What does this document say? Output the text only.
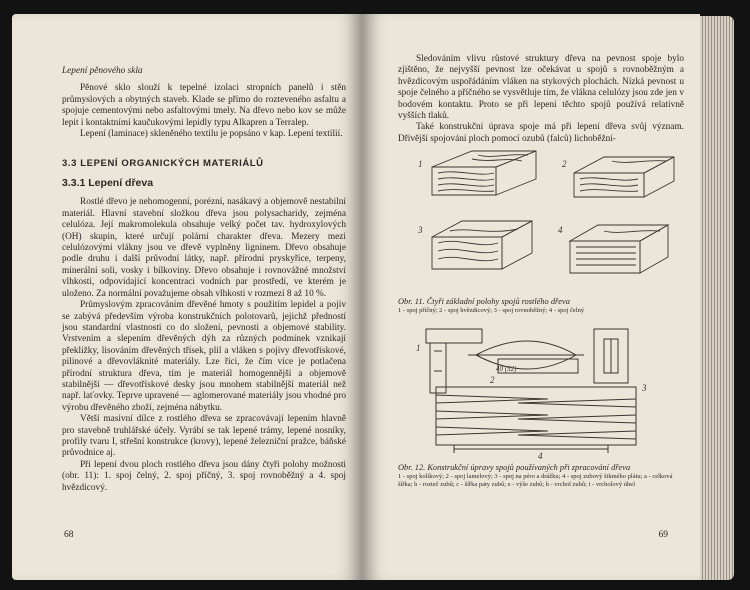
Lepení pěnového skla

Pěnové sklo slouží k tepelné izolaci stropních panelů i stěn průmyslových a obytných staveb. Klade se přímo do rozteveného asfaltu a spojuje cementovými nebo asfaltovými tmely. Na dřevo nebo kov se může lepit i kontaktními kaučukovými lepidly typu Alkapren a Terralep.

Lepení (laminace) skleněného textilu je popsáno v kap. Lepení textilií.

3.3 LEPENÍ ORGANICKÝCH MATERIÁLŮ
3.3.1 Lepení dřeva

Rostlé dřevo je nehomogenní, porézní, nasákavý a objemově nestabilní materiál. Hlavní stavební složkou dřeva jsou polysacharidy, zejména celulóza. Její makromolekula obsahuje velký počet tav. hydroxylových (OH) skupin, které určují polární charakter dřeva. Mezery mezi celulózovými vlákny jsou ve dřevě vyplněny ligninem. Dřevo obsahuje podle druhu i další průvodní látky, např. přírodní pryskyřice, terpeny, minerální soli, vosky i bílkoviny. Dřevo obsahuje i rovnovážné množství vlhkosti, odpovídající koncentraci vodních par prostředí, ve kterém je uloženo. Za normální považujeme obsah vlhkosti v rozmezí 8 až 10 %.

Průmyslovým zpracováním dřevěné hmoty s použitím lepidel a pojiv se zabývá především výroba konstrukčních polotovarů, jejichž předností jsou standardní vlastnosti co do složení, pevnosti a objemové stability. Vrstvením a slepením dřevěných dýh za různých podmínek vznikají překližky, lisováním dřevěných třísek, plil a vláken s pojivy dřevotřískové, pilinové a dřevovláknité materiály. Lze říci, že čím více je potlačena přírodní struktura dřeva, tím je materiál homogennější a objemově stabilnější — dřevotřískové desky jsou mnohem stabilnější materiál než např. laťovky. Teprve upravené — aglomerované materiály jsou vhodné pro výrobu dřevěného zboží, zejména nábytku.

Větší masivní dílce z rostlého dřeva se zpracovávají lepením hlavně pro stavebně truhlářské účely. Vyrábí se tak lepené trámy, lepené nosníky, profily tvaru I, střešní konstrukce (krovy), lepené železniční pražce, báňské průvodnice aj.

Při lepení dvou ploch rostlého dřeva jsou dány čtyři polohy možnosti (obr. 11): 1. spoj čelný, 2. spoj příčný, 3. spoj rovnoběžný a 4. spoj hvězdicový.

68

Sledováním vlivu růstové struktury dřeva na pevnost spoje bylo zjištěno, že nejvyšší pevnost lze očekávat u spojů s rovnoběžným a hvězdicovým uspořádáním vláken na stykových plochách. Nízká pevnost u spoje čelného a příčného se vysvětluje tím, že vlákna celulózy jsou zde jen v bodovém kontaktu. Proto se při lepení těchto spojů používá relativně vyšších tlaků.

Také konstrukční úprava spoje má při lepení dřeva svůj význam. Dřívější spojování ploch pomocí ozubů (falců) lichoběžní-

1	2
3	4

Obr. 11. Čtyři základní polohy spojů rostlého dřeva
1 - spoj příčný; 2 - spoj hvězdicový; 3 - spoj rovnoběžný; 4 - spoj čelný

40 (52)
1
2
3
4

Obr. 12. Konstrukční úpravy spojů používaných při zpracování dřeva
1 - spoj kolíkový; 2 - spoj lamelový; 3 - spoj na péro a drážku; 4 - spoj zubový šikmého plátu; a - celková šířka; b - rozteč zubů; c - šířka paty zubů; e - výše zubů; h - vrchol zubů; i - vrcholový úhel

69
